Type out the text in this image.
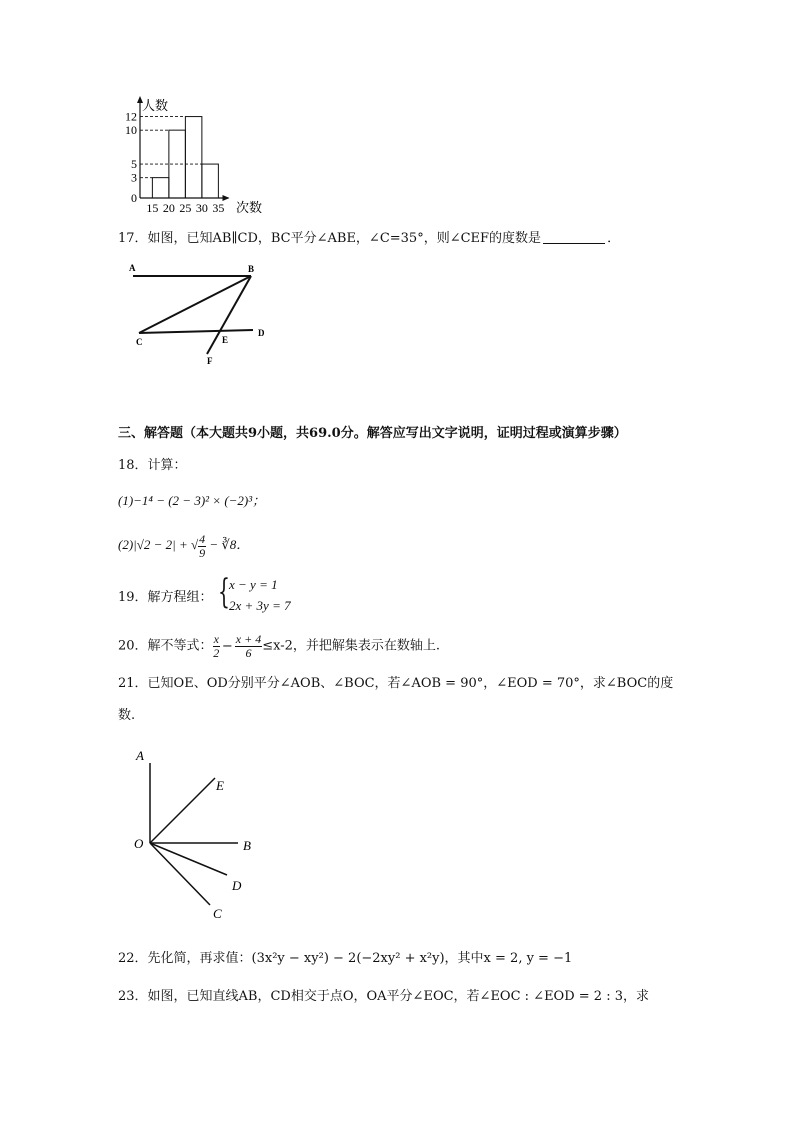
0
3
5
10
12
15 20 25 30 35
人数
次数
17．如图，已知AB∥CD，BC平分∠ABE，∠C=35°，则∠CEF的度数是	．
A	B
C
D
E
F
三、解答题（本大题共9小题，共69.0分。解答应写出文字说明，证明过程或演算步骤）
18．计算：
(1)−1⁴ − (2 − 3)² × (−2)³；
(2)|√2 − 2| + √ $\frac{4}{9}$ − ∛8．
19．解方程组： { x − y = 1
2x + 3y = 7
20．解不等式： $\frac{x}{2} - \frac{x + 4}{6} \le x-2$，并把解集表示在数轴上.
21．已知OE、OD分别平分∠AOB、∠BOC，若∠AOB = 90°，∠EOD = 70°，求∠BOC的度
数.
A
E
O	B
D
C
22．先化简，再求值：(3x²y − xy²) − 2(−2xy² + x²y)，其中x = 2, y = −1
23．如图，已知直线AB，CD相交于点O，OA平分∠EOC，若∠EOC : ∠EOD = 2 : 3，求
